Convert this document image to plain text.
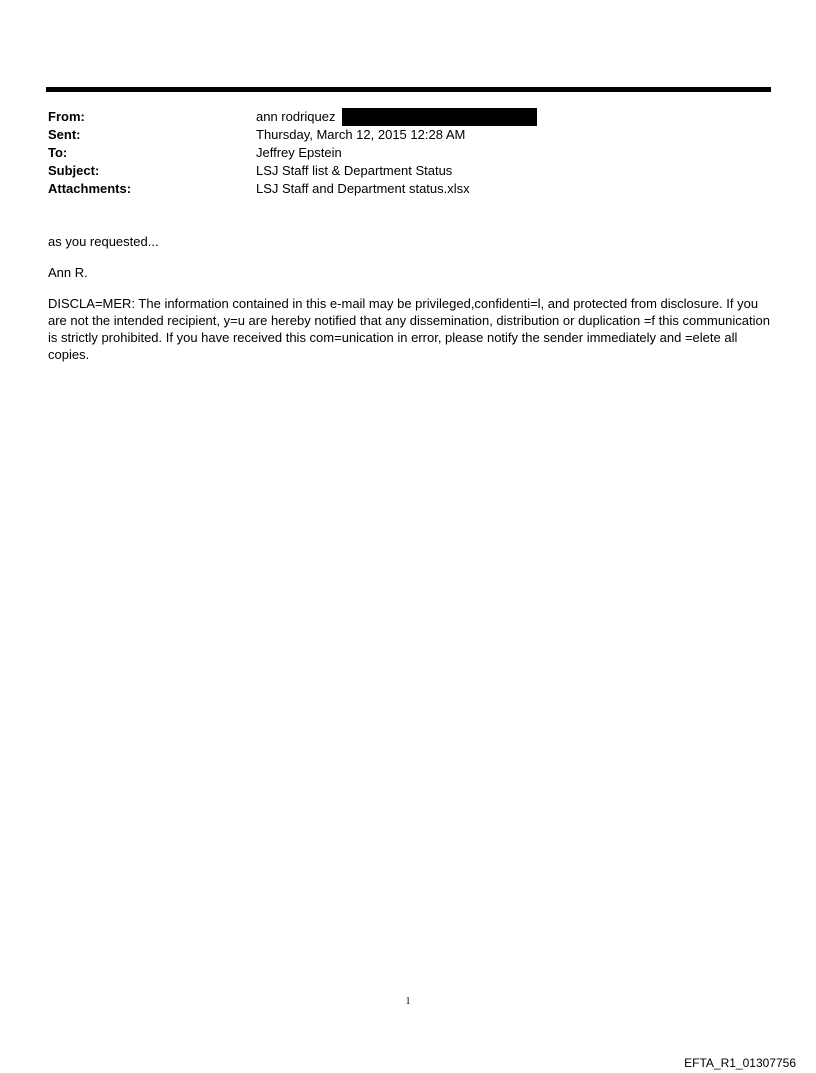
From:	ann rodriquez
Sent:	Thursday, March 12, 2015 12:28 AM
To:	Jeffrey Epstein
Subject:	LSJ Staff list & Department Status
Attachments:	LSJ Staff and Department status.xlsx

as you requested...

Ann R.

DISCLA=MER: The information contained in this e-mail may be privileged,confidenti=l, and protected from disclosure. If you are not the intended recipient, y=u are hereby notified that any dissemination, distribution or duplication =f this communication is strictly prohibited. If you have received this com=unication in error, please notify the sender immediately and =elete all copies.

1
EFTA_R1_01307756
